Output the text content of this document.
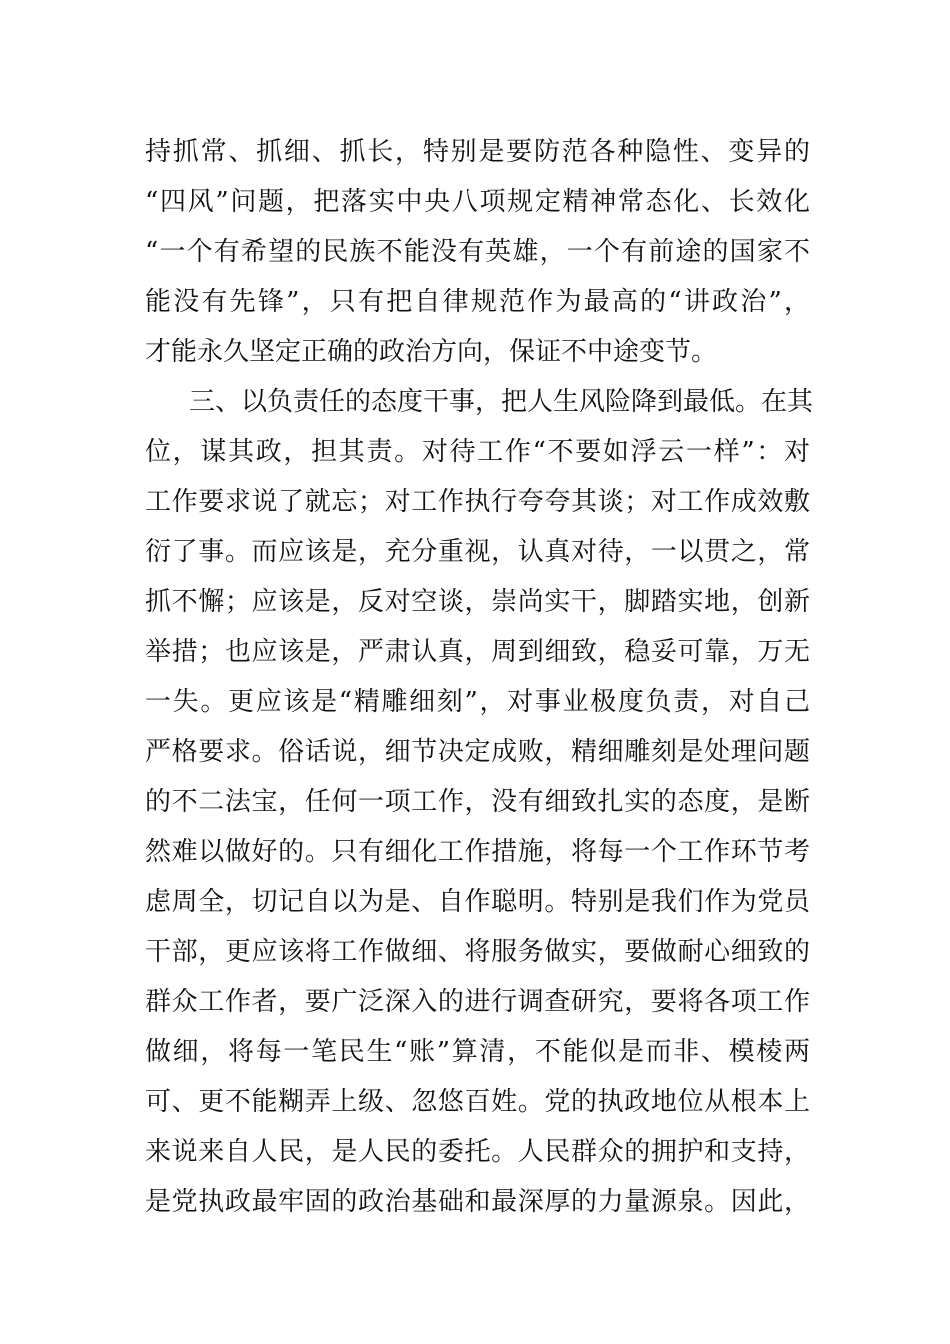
持抓常、抓细、抓长，特别是要防范各种隐性、变异的
“四风”问题，把落实中央八项规定精神常态化、长效化
“一个有希望的民族不能没有英雄，一个有前途的国家不
能没有先锋”，只有把自律规范作为最高的“讲政治”，
才能永久坚定正确的政治方向，保证不中途变节。
三、以负责任的态度干事，把人生风险降到最低。在其
位，谋其政，担其责。对待工作“不要如浮云一样”：对
工作要求说了就忘；对工作执行夸夸其谈；对工作成效敷
衍了事。而应该是，充分重视，认真对待，一以贯之，常
抓不懈；应该是，反对空谈，崇尚实干，脚踏实地，创新
举措；也应该是，严肃认真，周到细致，稳妥可靠，万无
一失。更应该是“精雕细刻”，对事业极度负责，对自己
严格要求。俗话说，细节决定成败，精细雕刻是处理问题
的不二法宝，任何一项工作，没有细致扎实的态度，是断
然难以做好的。只有细化工作措施，将每一个工作环节考
虑周全，切记自以为是、自作聪明。特别是我们作为党员
干部，更应该将工作做细、将服务做实，要做耐心细致的
群众工作者，要广泛深入的进行调查研究，要将各项工作
做细，将每一笔民生“账”算清，不能似是而非、模棱两
可、更不能糊弄上级、忽悠百姓。党的执政地位从根本上
来说来自人民，是人民的委托。人民群众的拥护和支持，
是党执政最牢固的政治基础和最深厚的力量源泉。因此，
